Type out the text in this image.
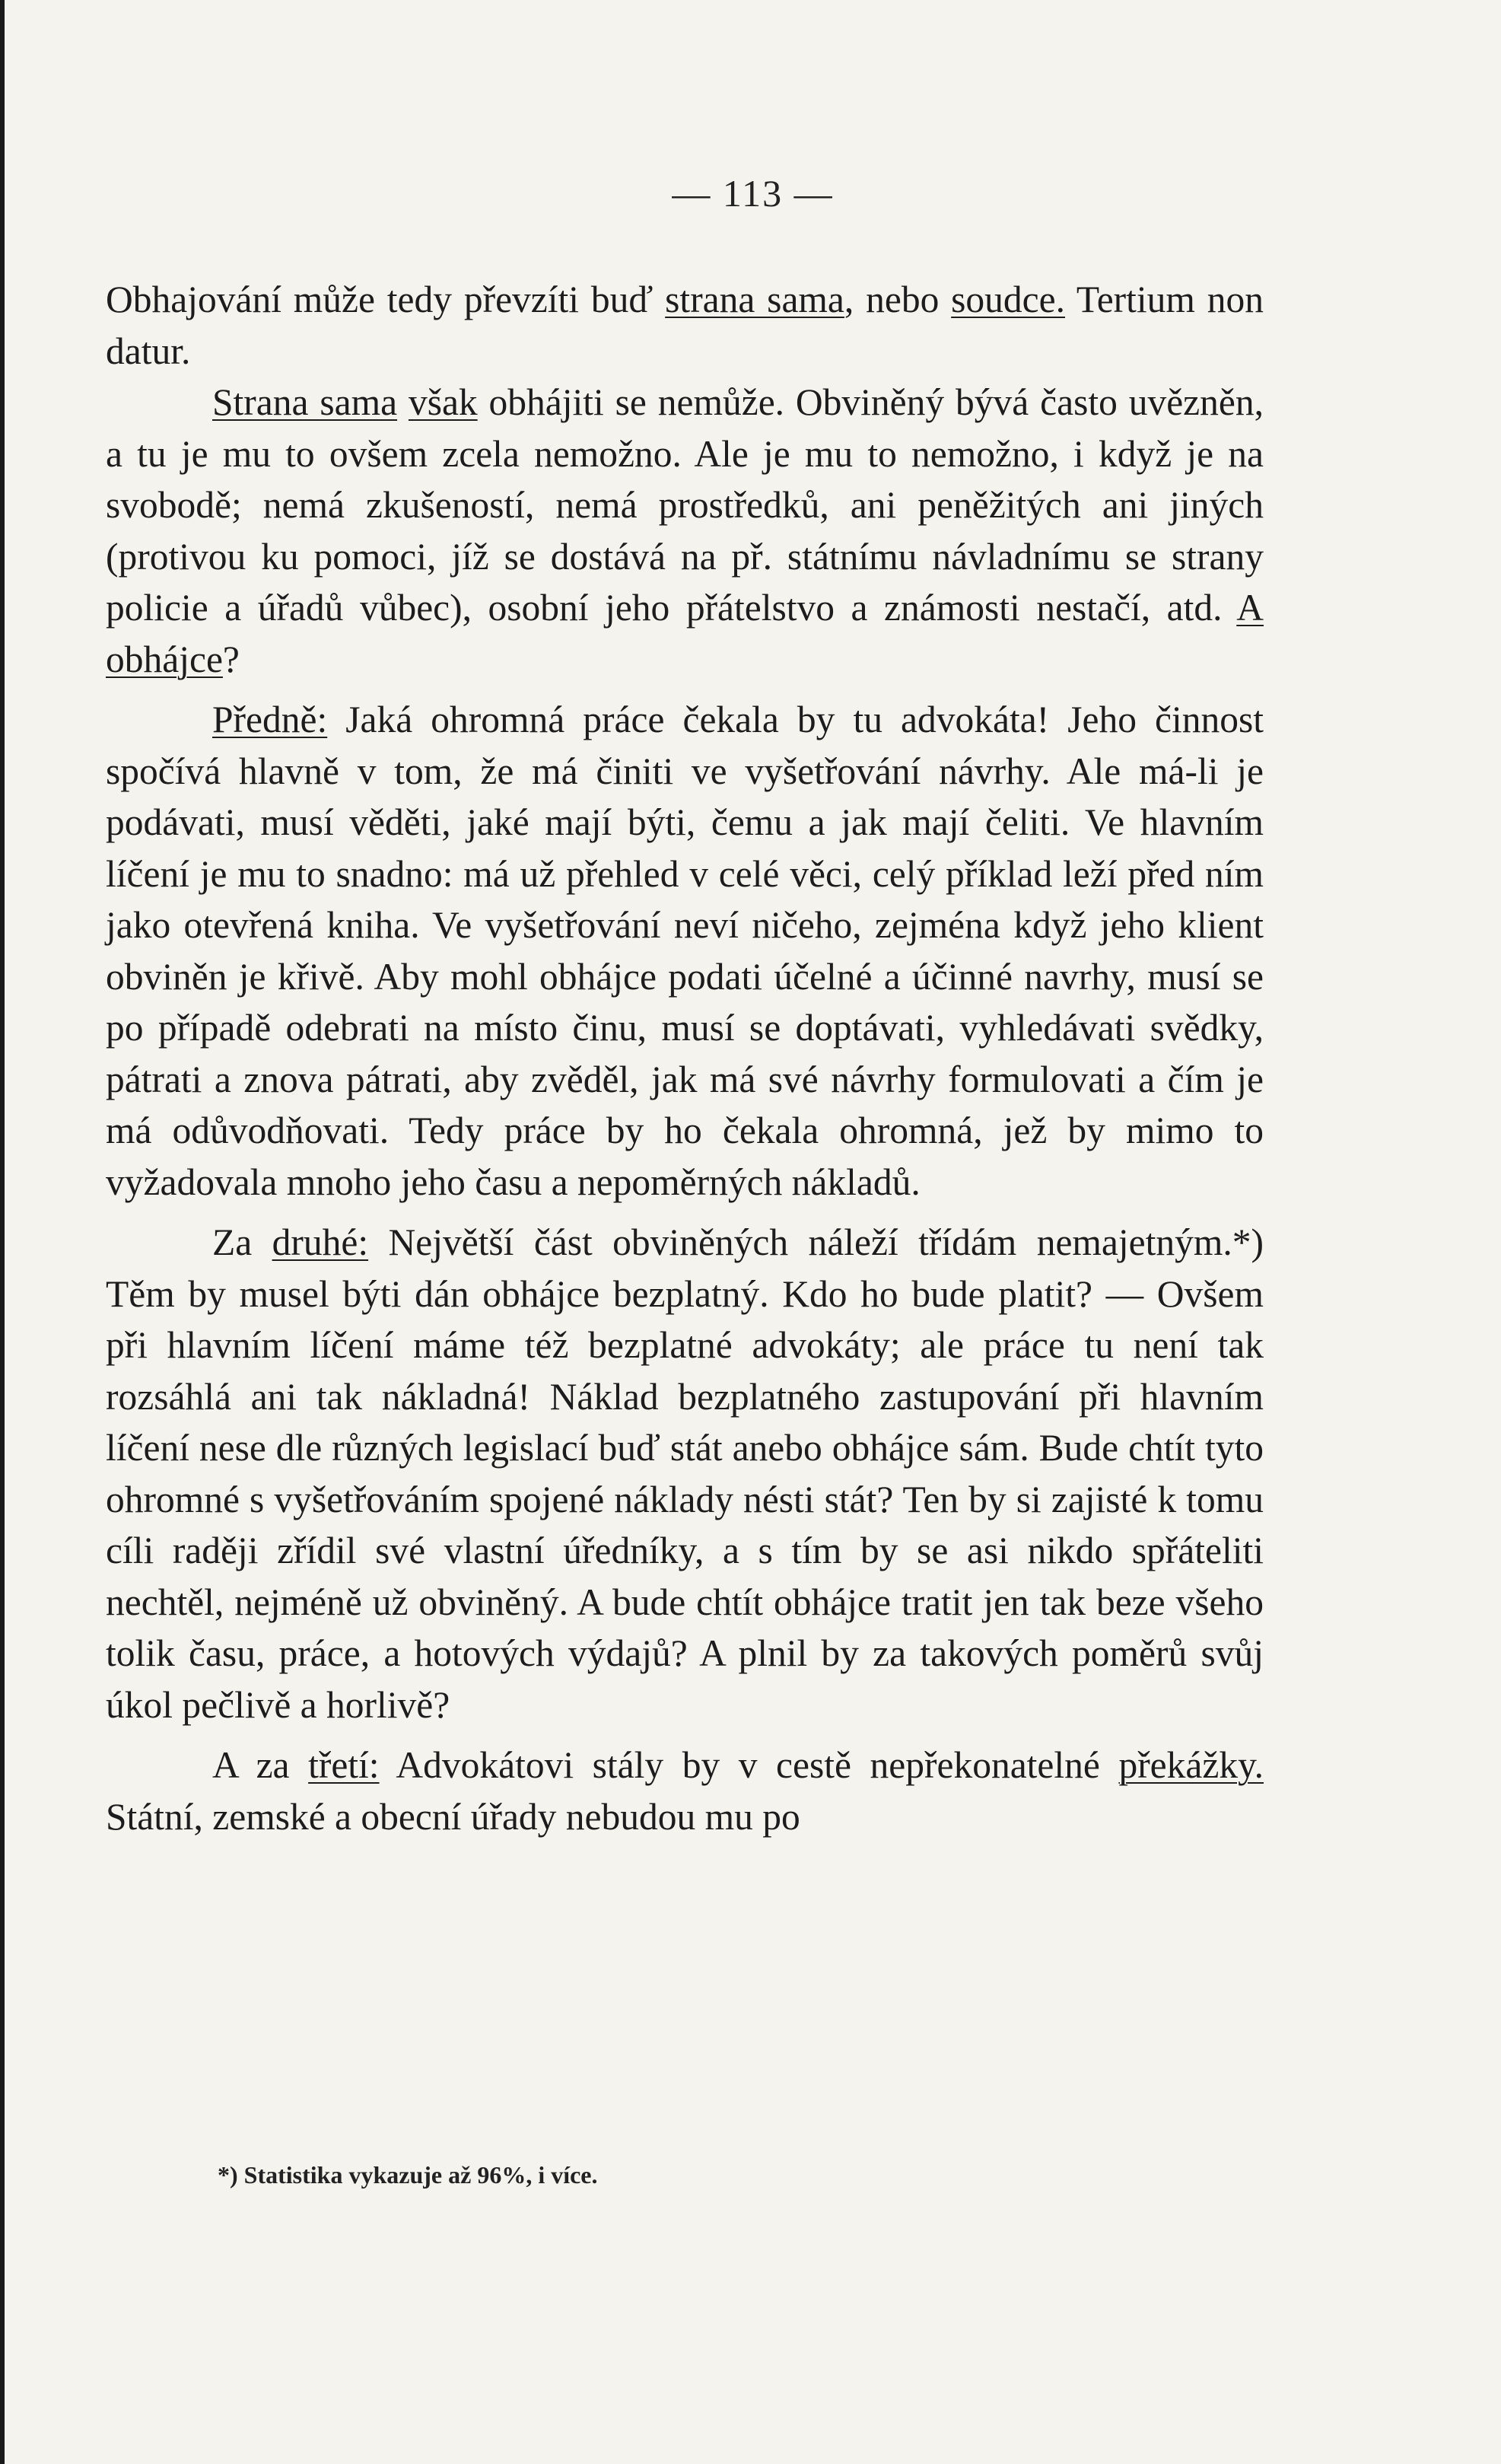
— 113 —

Obhajování může tedy převzíti buď strana sama, nebo soudce. Tertium non datur.

Strana sama však obhájiti se nemůže. Obviněný bývá často uvězněn, a tu je mu to ovšem zcela nemožno. Ale je mu to nemožno, i když je na svobodě; nemá zkušeností, nemá prostředků, ani peněžitých ani jiných (protivou ku pomoci, jíž se dostává na př. státnímu návladnímu se strany policie a úřadů vůbec), osobní jeho přátelstvo a známosti nestačí, atd. A obhájce?

Předně: Jaká ohromná práce čekala by tu advokáta! Jeho činnost spočívá hlavně v tom, že má činiti ve vyšetřování návrhy. Ale má-li je podávati, musí věděti, jaké mají býti, čemu a jak mají čeliti. Ve hlavním líčení je mu to snadno: má už přehled v celé věci, celý příklad leží před ním jako otevřená kniha. Ve vyšetřování neví ničeho, zejména když jeho klient obviněn je křivě. Aby mohl obhájce podati účelné a účinné navrhy, musí se po případě odebrati na místo činu, musí se doptávati, vyhledávati svědky, pátrati a znova pátrati, aby zvěděl, jak má své návrhy formulovati a čím je má odůvodňovati. Tedy práce by ho čekala ohromná, jež by mimo to vyžadovala mnoho jeho času a nepoměrných nákladů.

Za druhé: Největší část obviněných náleží třídám nemajetným.*) Těm by musel býti dán obhájce bezplatný. Kdo ho bude platit? — Ovšem při hlavním líčení máme též bezplatné advokáty; ale práce tu není tak rozsáhlá ani tak nákladná! Náklad bezplatného zastupování při hlavním líčení nese dle různých legislací buď stát anebo obhájce sám. Bude chtít tyto ohromné s vyšetřováním spojené náklady nésti stát? Ten by si zajisté k tomu cíli raději zřídil své vlastní úředníky, a s tím by se asi nikdo spřáteliti nechtěl, nejméně už obviněný. A bude chtít obhájce tratit jen tak beze všeho tolik času, práce, a hotových výdajů? A plnil by za takových poměrů svůj úkol pečlivě a horlivě?

A za třetí: Advokátovi stály by v cestě nepřekonatelné překážky. Státní, zemské a obecní úřady nebudou mu po

*) Statistika vykazuje až 96%, i více.
